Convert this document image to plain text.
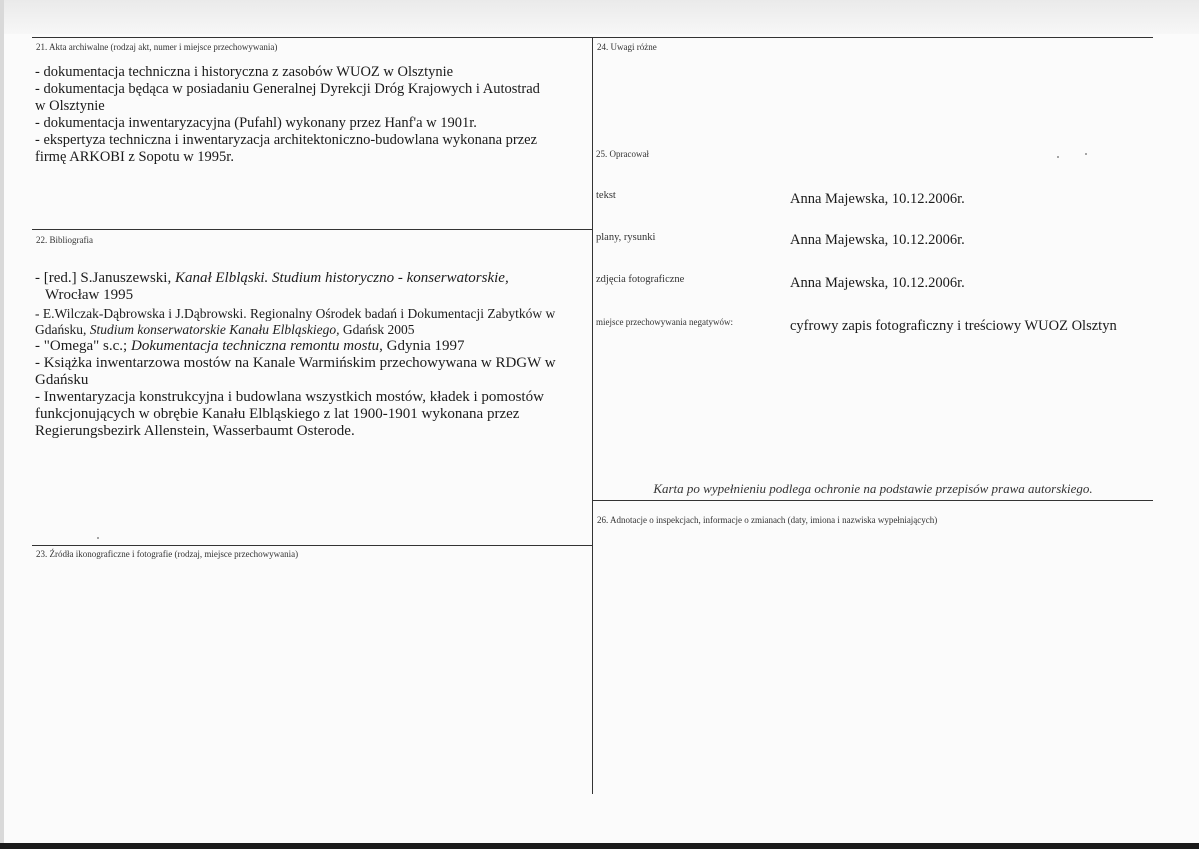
21. Akta archiwalne (rodzaj akt, numer i miejsce przechowywania)
- dokumentacja techniczna i historyczna z zasobów WUOZ w Olsztynie
- dokumentacja będąca w posiadaniu Generalnej Dyrekcji Dróg Krajowych i Autostrad
w Olsztynie
- dokumentacja inwentaryzacyjna (Pufahl) wykonany przez Hanf'a w 1901r.
- ekspertyza techniczna i inwentaryzacja architektoniczno-budowlana wykonana przez
firmę ARKOBI z Sopotu w 1995r.
22. Bibliografia
- [red.] S.Januszewski, Kanał Elbląski. Studium historyczno - konserwatorskie,
Wrocław 1995
- E.Wilczak-Dąbrowska i J.Dąbrowski. Regionalny Ośrodek badań i Dokumentacji Zabytków w
Gdańsku, Studium konserwatorskie Kanału Elbląskiego, Gdańsk 2005
- "Omega" s.c.; Dokumentacja techniczna remontu mostu, Gdynia 1997
- Książka inwentarzowa mostów na Kanale Warmińskim przechowywana w RDGW w
Gdańsku
- Inwentaryzacja konstrukcyjna i budowlana wszystkich mostów, kładek i pomostów
funkcjonujących w obrębie Kanału Elbląskiego z lat 1900-1901 wykonana przez
Regierungsbezirk Allenstein, Wasserbaumt Osterode.
23. Źródła ikonograficzne i fotografie (rodzaj, miejsce przechowywania)
24. Uwagi różne
25. Opracował
tekst	Anna Majewska, 10.12.2006r.
plany, rysunki	Anna Majewska, 10.12.2006r.
zdjęcia fotograficzne	Anna Majewska, 10.12.2006r.
miejsce przechowywania negatywów:	cyfrowy zapis fotograficzny i treściowy WUOZ Olsztyn
Karta po wypełnieniu podlega ochronie na podstawie przepisów prawa autorskiego.
26. Adnotacje o inspekcjach, informacje o zmianach (daty, imiona i nazwiska wypełniających)
